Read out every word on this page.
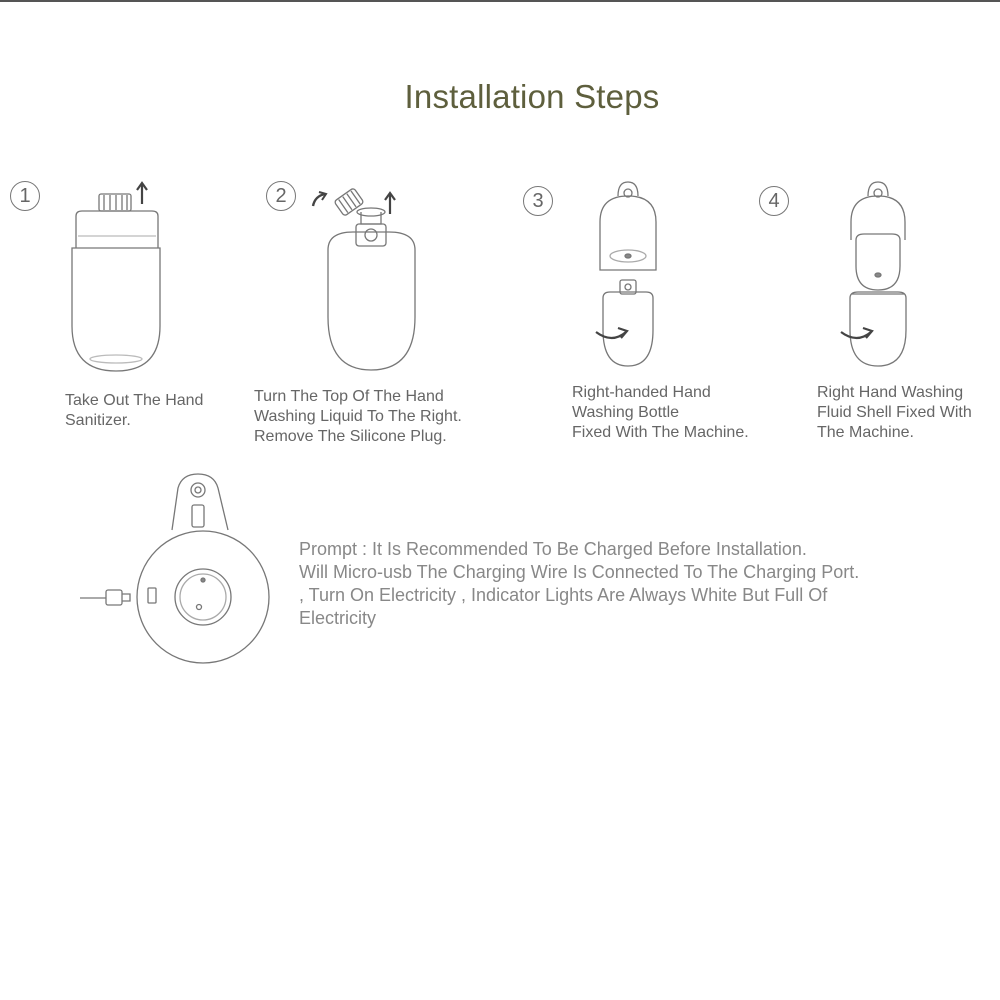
Installation Steps
1
Take Out The Hand
Sanitizer.
2
Turn The Top Of The Hand
Washing Liquid To The Right.
Remove The Silicone Plug.
3
Right-handed Hand
Washing Bottle
Fixed With The Machine.
4
Right Hand Washing
Fluid Shell Fixed With
The Machine.
Prompt : It Is Recommended To Be Charged Before Installation.
Will Micro-usb The Charging Wire Is Connected To The Charging Port.
, Turn On Electricity , Indicator Lights Are Always White But Full Of
Electricity
